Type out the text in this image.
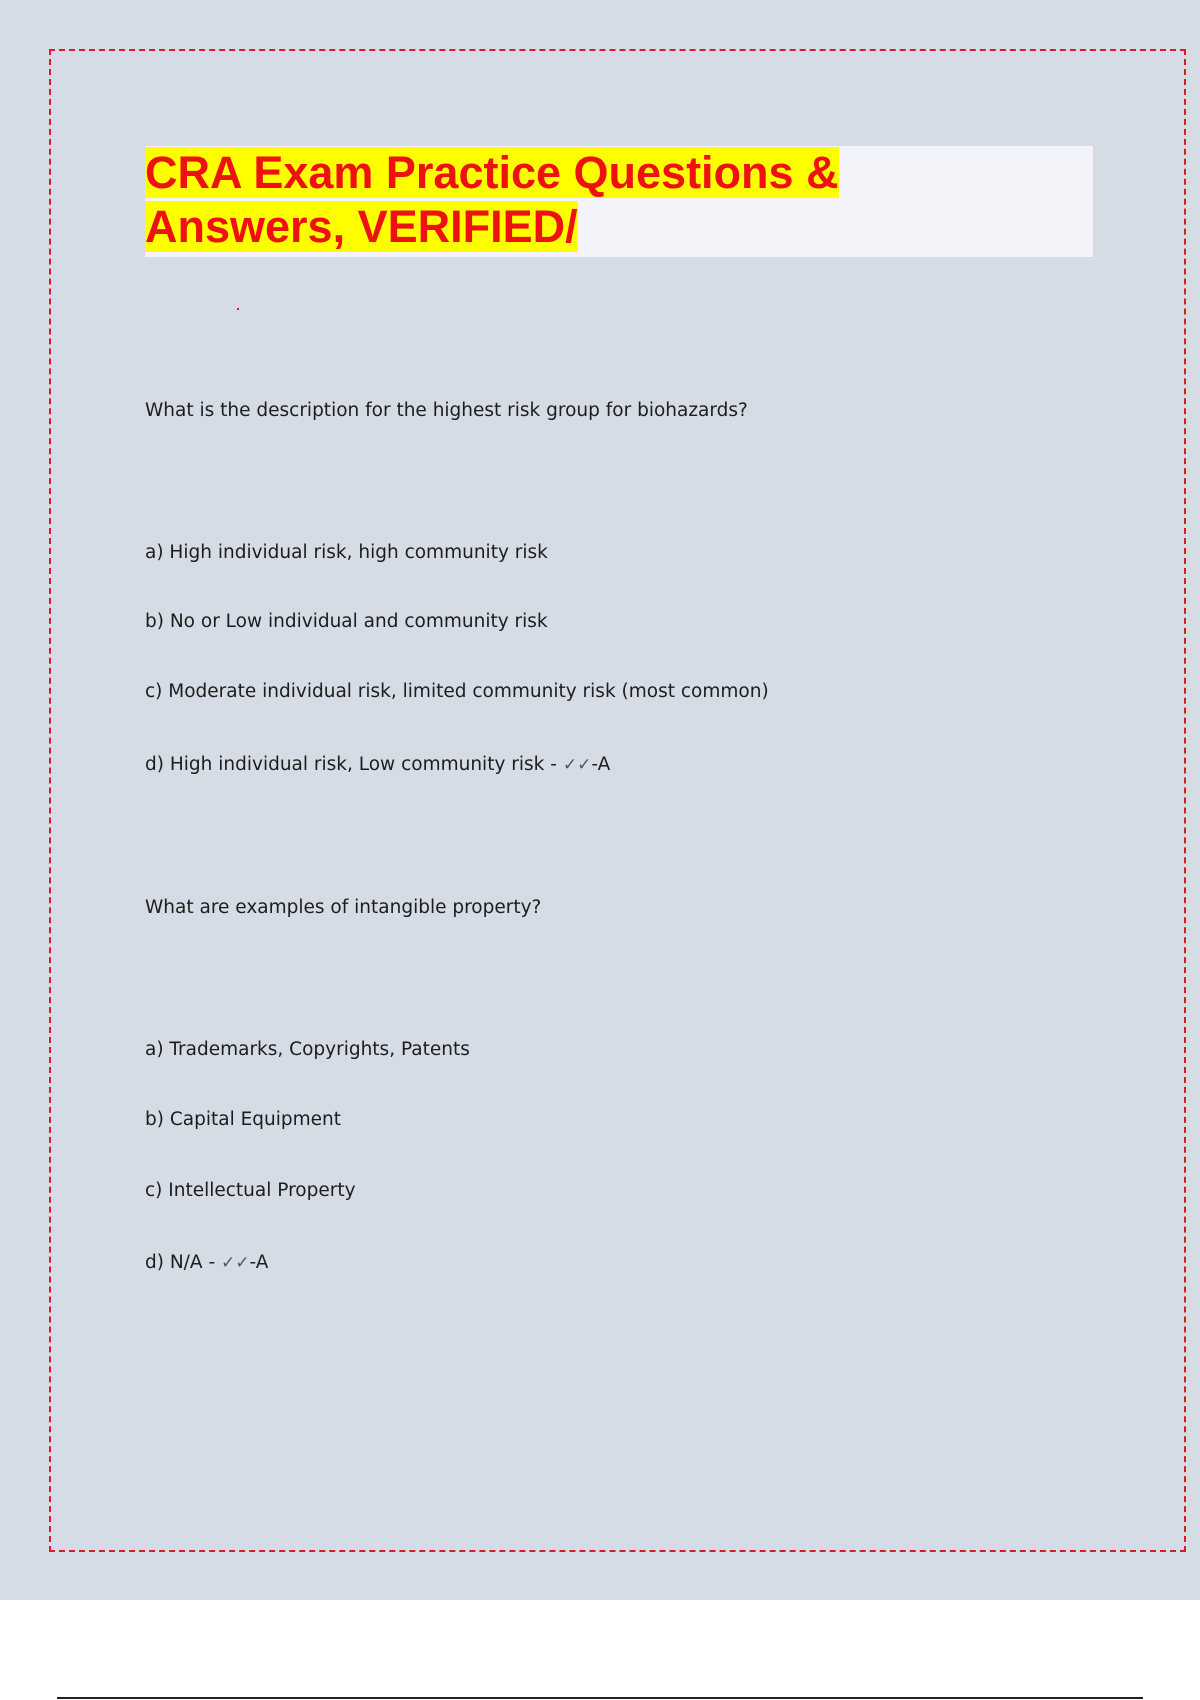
CRA Exam Practice Questions &
Answers, VERIFIED/

What is the description for the highest risk group for biohazards?

a) High individual risk, high community risk

b) No or Low individual and community risk

c) Moderate individual risk, limited community risk (most common)

d) High individual risk, Low community risk - ✓✓-A

What are examples of intangible property?

a) Trademarks, Copyrights, Patents

b) Capital Equipment

c) Intellectual Property

d) N/A - ✓✓-A
